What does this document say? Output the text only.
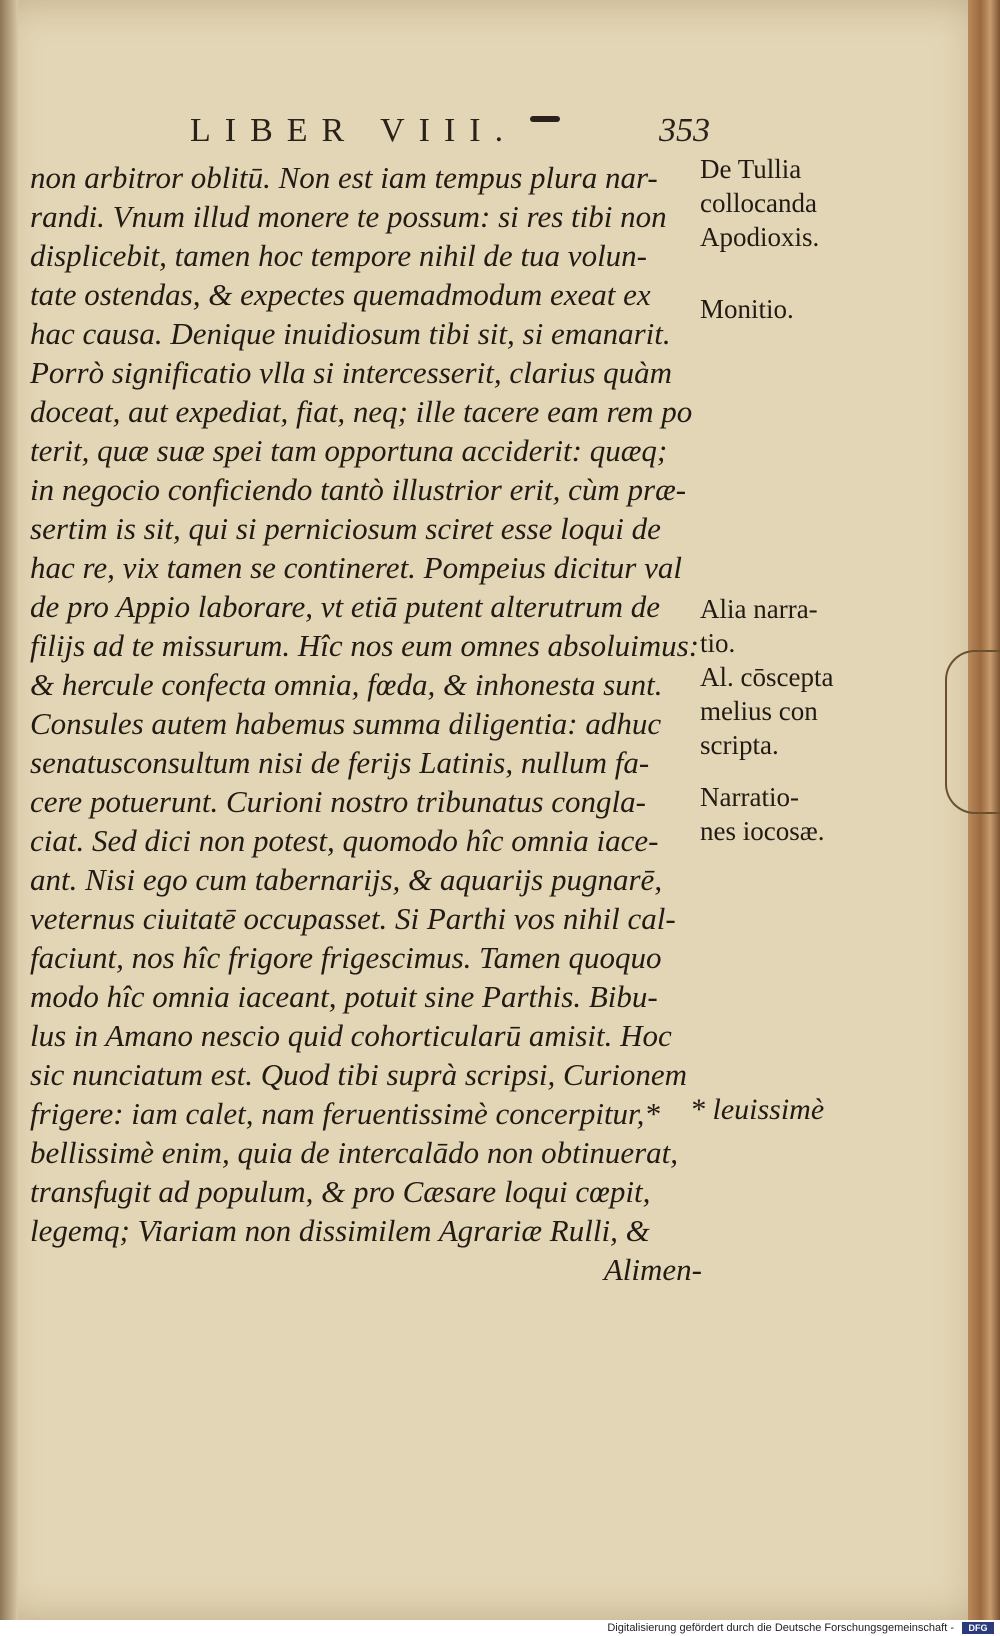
LIBER VIII.	353
non arbitror oblitū. Non est iam tempus plura nar-
randi. Vnum illud monere te possum: si res tibi non
displicebit, tamen hoc tempore nihil de tua volun-
tate ostendas, & expectes quemadmodum exeat ex
hac causa. Denique inuidiosum tibi sit, si emanarit.
Porrò significatio vlla si intercesserit, clarius quàm
doceat, aut expediat, fiat, neq; ille tacere eam rem po
terit, quæ suæ spei tam opportuna acciderit: quæq;
in negocio conficiendo tantò illustrior erit, cùm præ-
sertim is sit, qui si perniciosum sciret esse loqui de
hac re, vix tamen se contineret. Pompeius dicitur val
de pro Appio laborare, vt etiā putent alterutrum de
filijs ad te missurum. Hîc nos eum omnes absoluimus:
& hercule confecta omnia, fœda, & inhonesta sunt.
Consules autem habemus summa diligentia: adhuc
senatusconsultum nisi de ferijs Latinis, nullum fa-
cere potuerunt. Curioni nostro tribunatus congla-
ciat. Sed dici non potest, quomodo hîc omnia iace-
ant. Nisi ego cum tabernarijs, & aquarijs pugnarē,
veternus ciuitatē occupasset. Si Parthi vos nihil cal-
faciunt, nos hîc frigore frigescimus. Tamen quoquo
modo hîc omnia iaceant, potuit sine Parthis. Bibu-
lus in Amano nescio quid cohorticularū amisit. Hoc
sic nunciatum est. Quod tibi suprà scripsi, Curionem
frigere: iam calet, nam feruentissimè concerpitur,*
bellissimè enim, quia de intercalādo non obtinuerat,
transfugit ad populum, & pro Cæsare loqui cœpit,
legemq; Viariam non dissimilem Agrariæ Rulli, &
Alimen-
De Tullia
collocanda
Apodioxis.
Monitio.
Alia narra-
tio.
Al. cōscepta
melius con
scripta.
Narratio-
nes iocosæ.
* leuissimè
Digitalisierung gefördert durch die Deutsche Forschungsgemeinschaft -	DFG
